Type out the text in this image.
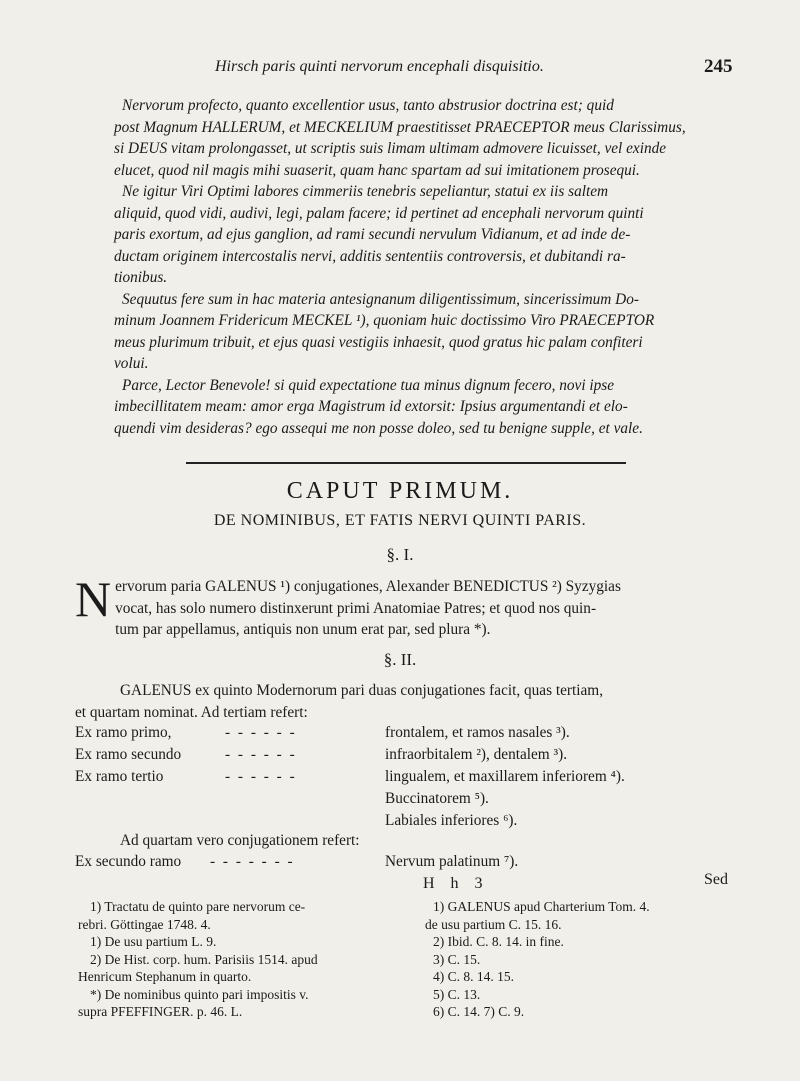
Hirsch paris quinti nervorum encephali disquisitio.	245
Nervorum profecto, quanto excellentior usus, tanto abstrusior doctrina est; quid
post Magnum HALLERUM, et MECKELIUM praestitisset PRAECEPTOR meus Clarissimus,
si DEUS vitam prolongasset, ut scriptis suis limam ultimam admovere licuisset, vel exinde
elucet, quod nil magis mihi suaserit, quam hanc spartam ad sui imitationem prosequi.
Ne igitur Viri Optimi labores cimmeriis tenebris sepeliantur, statui ex iis saltem
aliquid, quod vidi, audivi, legi, palam facere; id pertinet ad encephali nervorum quinti
paris exortum, ad ejus ganglion, ad rami secundi nervulum Vidianum, et ad inde de-
ductam originem intercostalis nervi, additis sententiis controversis, et dubitandi ra-
tionibus.
Sequutus fere sum in hac materia antesignanum diligentissimum, sincerissimum Do-
minum Joannem Fridericum MECKEL ¹), quoniam huic doctissimo Viro PRAECEPTOR
meus plurimum tribuit, et ejus quasi vestigiis inhaesit, quod gratus hic palam confiteri
volui.
Parce, Lector Benevole! si quid expectatione tua minus dignum fecero, novi ipse
imbecillitatem meam: amor erga Magistrum id extorsit: Ipsius argumentandi et elo-
quendi vim desideras? ego assequi me non posse doleo, sed tu benigne supple, et vale.
CAPUT PRIMUM.
DE NOMINIBUS, ET FATIS NERVI QUINTI PARIS.
§. I.
N ervorum paria GALENUS ¹) conjugationes, Alexander BENEDICTUS ²) Syzygias
vocat, has solo numero distinxerunt primi Anatomiae Patres; et quod nos quin-
tum par appellamus, antiquis non unum erat par, sed plura *).
§. II.
GALENUS ex quinto Modernorum pari duas conjugationes facit, quas tertiam,
et quartam nominat. Ad tertiam refert:
Ex ramo primo,	- - - - - -	frontalem, et ramos nasales ³).
Ex ramo secundo	- - - - - -	infraorbitalem ²), dentalem ³).
Ex ramo tertio	- - - - - -	lingualem, et maxillarem inferiorem ⁴).
Buccinatorem ⁵).
Labiales inferiores ⁶).
Ad quartam vero conjugationem refert:
Ex secundo ramo - - - - - - -	Nervum palatinum ⁷).
H h 3	Sed

1) Tractatu de quinto pare nervorum ce-

rebri. Göttingae 1748. 4.

1) De usu partium L. 9.

2) De Hist. corp. hum. Parisiis 1514. apud

Henricum Stephanum in quarto.

*) De nominibus quinto pari impositis v.

supra PFEFFINGER. p. 46. L.

1) GALENUS apud Charterium Tom. 4.

de usu partium C. 15. 16.

2) Ibid. C. 8. 14. in fine.

3) C. 15.

4) C. 8. 14. 15.

5) C. 13.

6) C. 14. 7) C. 9.
